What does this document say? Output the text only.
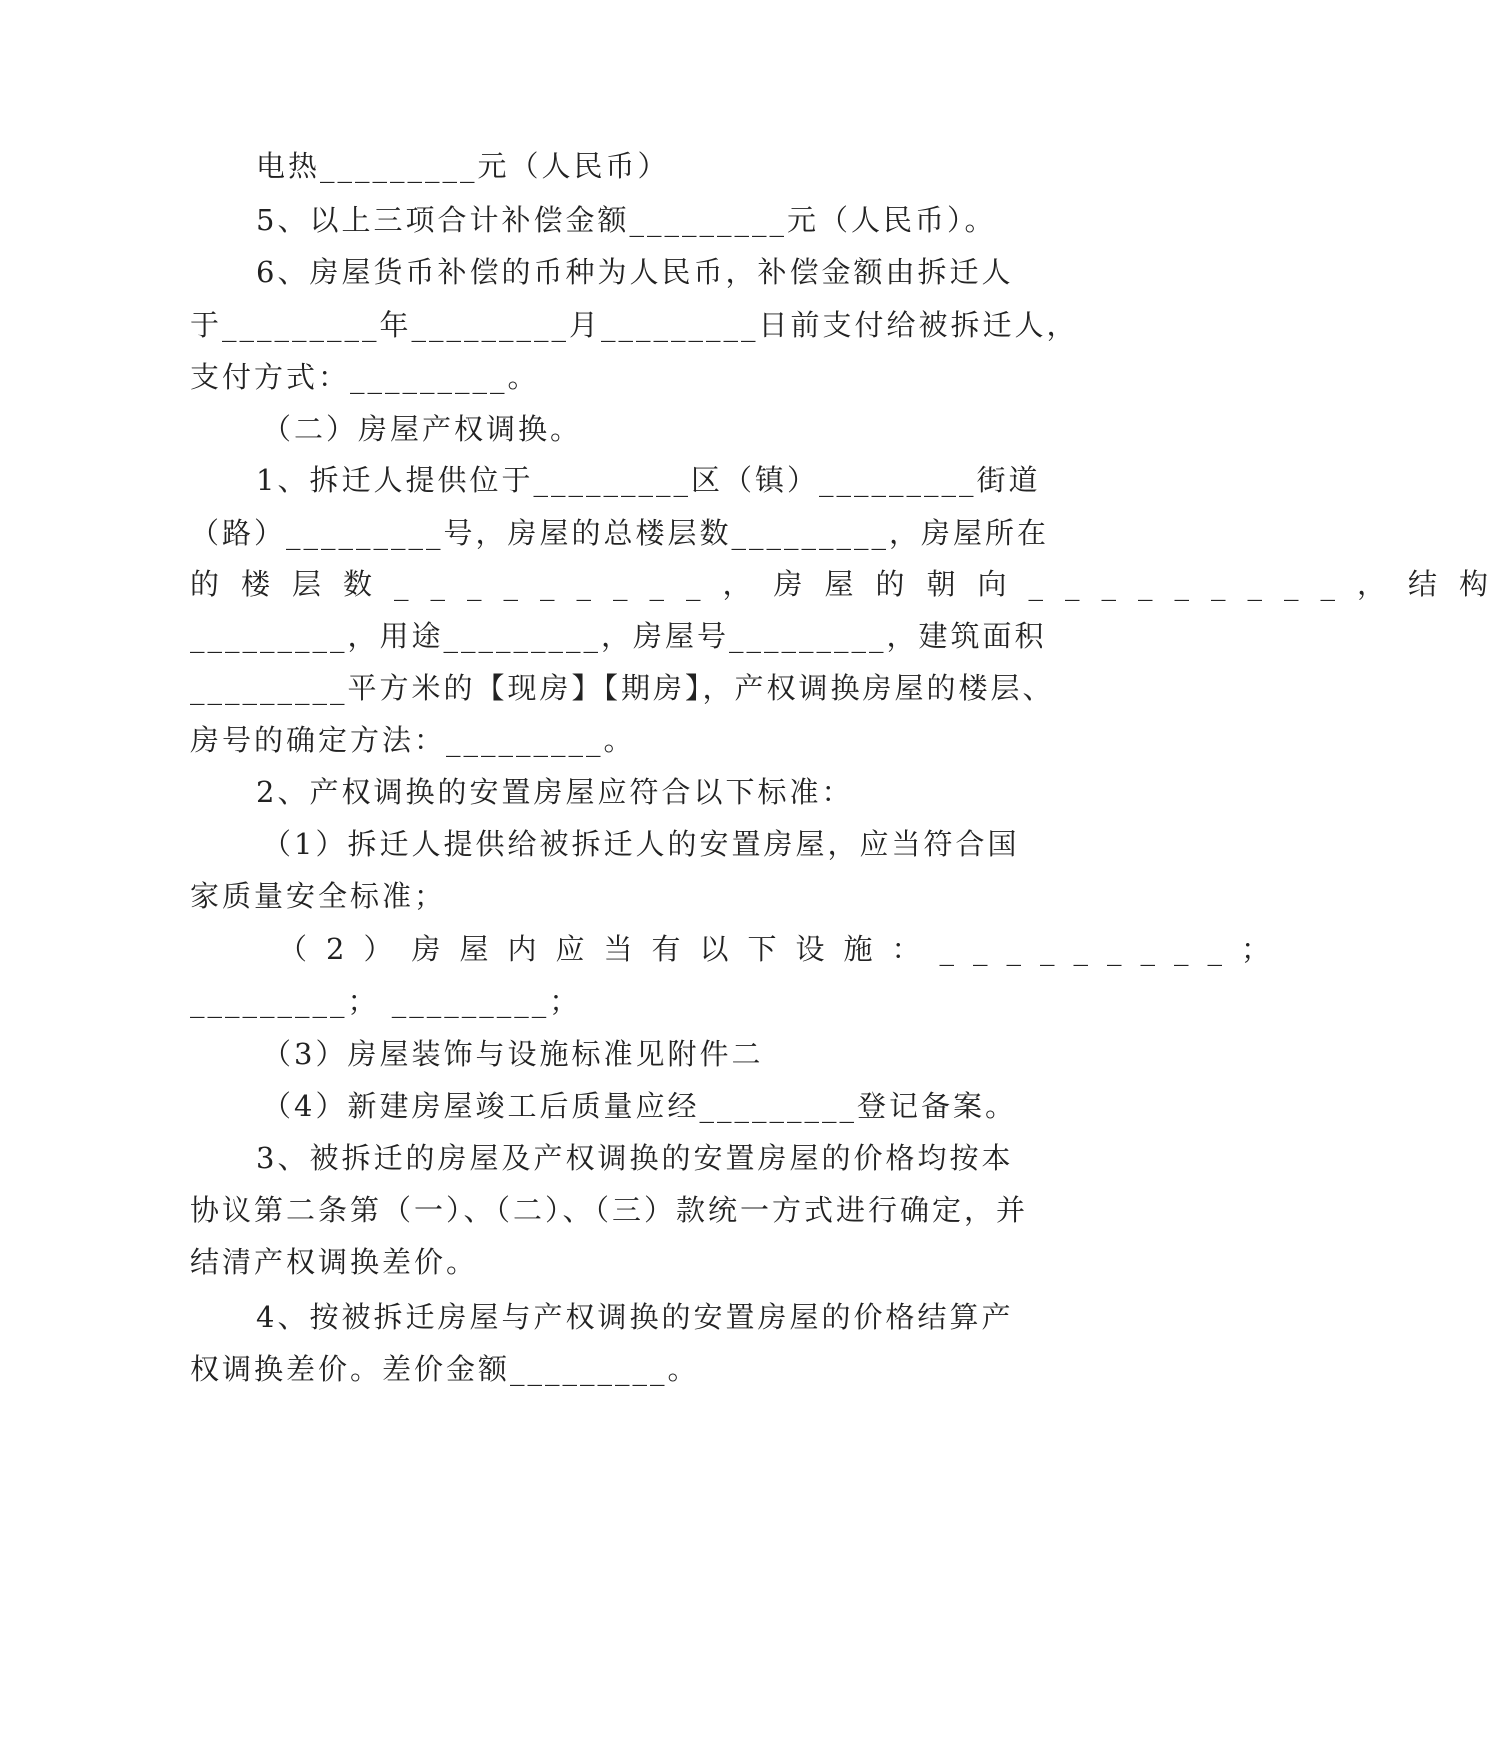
电热_________元（人民币）
5、以上三项合计补偿金额_________元（人民币）。
6、房屋货币补偿的币种为人民币，补偿金额由拆迁人
于_________年_________月_________日前支付给被拆迁人，
支付方式：_________。
（二）房屋产权调换。
1、拆迁人提供位于_________区（镇）_________街道
（路）_________号，房屋的总楼层数_________，房屋所在
的楼层数_________，房屋的朝向_________，结构
_________，用途_________，房屋号_________，建筑面积
_________平方米的【现房】【期房】，产权调换房屋的楼层、
房号的确定方法：_________。
2、产权调换的安置房屋应符合以下标准：
（1）拆迁人提供给被拆迁人的安置房屋，应当符合国
家质量安全标准；
（2）房屋内应当有以下设施：_________；
_________； _________；
（3）房屋装饰与设施标准见附件二
（4）新建房屋竣工后质量应经_________登记备案。
3、被拆迁的房屋及产权调换的安置房屋的价格均按本
协议第二条第（一）、（二）、（三）款统一方式进行确定，并
结清产权调换差价。
4、按被拆迁房屋与产权调换的安置房屋的价格结算产
权调换差价。差价金额_________。
